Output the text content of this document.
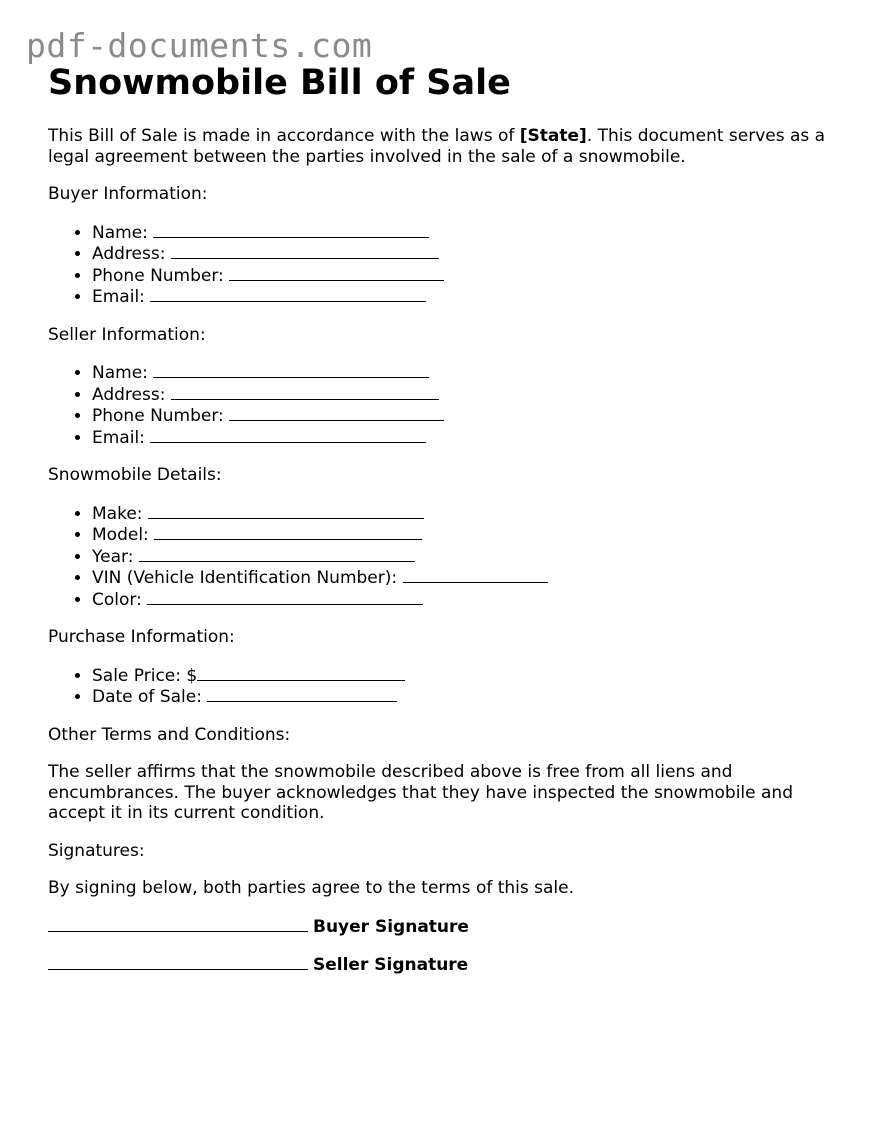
pdf-documents.com
Snowmobile Bill of Sale

This Bill of Sale is made in accordance with the laws of [State]. This document serves as a legal agreement between the parties involved in the sale of a snowmobile.

Buyer Information:

• Name:
• Address:
• Phone Number:
• Email:

Seller Information:

• Name:
• Address:
• Phone Number:
• Email:

Snowmobile Details:

• Make:
• Model:
• Year:
• VIN (Vehicle Identification Number):
• Color:

Purchase Information:

• Sale Price: $
• Date of Sale:

Other Terms and Conditions:

The seller affirms that the snowmobile described above is free from all liens and encumbrances. The buyer acknowledges that they have inspected the snowmobile and accept it in its current condition.

Signatures:

By signing below, both parties agree to the terms of this sale.

Buyer Signature
Seller Signature
